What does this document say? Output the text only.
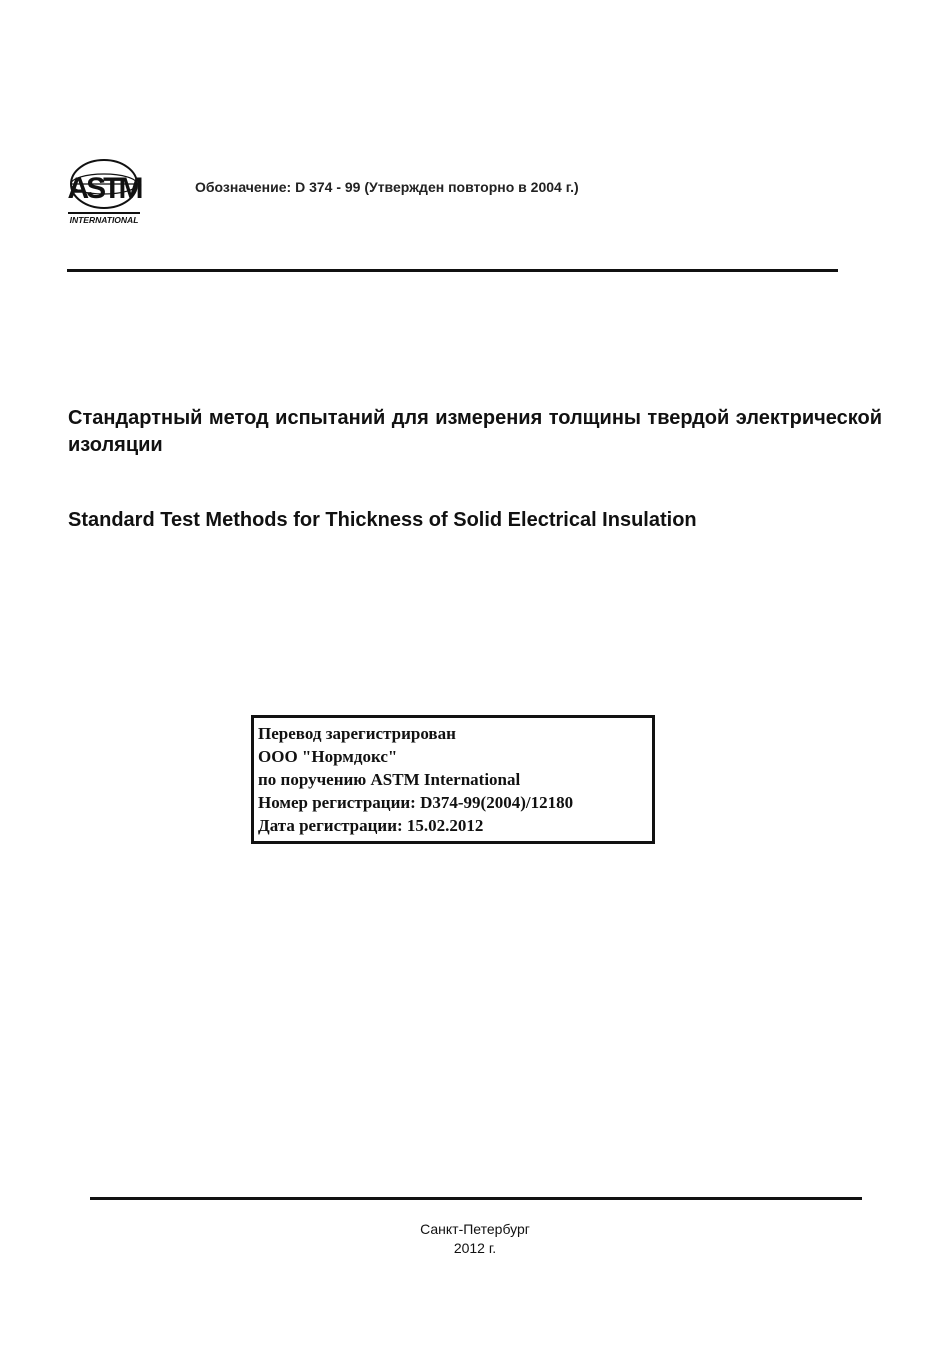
ASTM
INTERNATIONAL
Обозначение: D 374 - 99 (Утвержден повторно в 2004 г.)
Стандартный метод испытаний для измерения толщины твердой электрической изоляции
Standard Test Methods for Thickness of Solid Electrical Insulation
Перевод зарегистрирован
ООО "Нормдокс"
по поручению ASTM International
Номер регистрации: D374-99(2004)/12180
Дата регистрации: 15.02.2012
Санкт-Петербург
2012 г.
